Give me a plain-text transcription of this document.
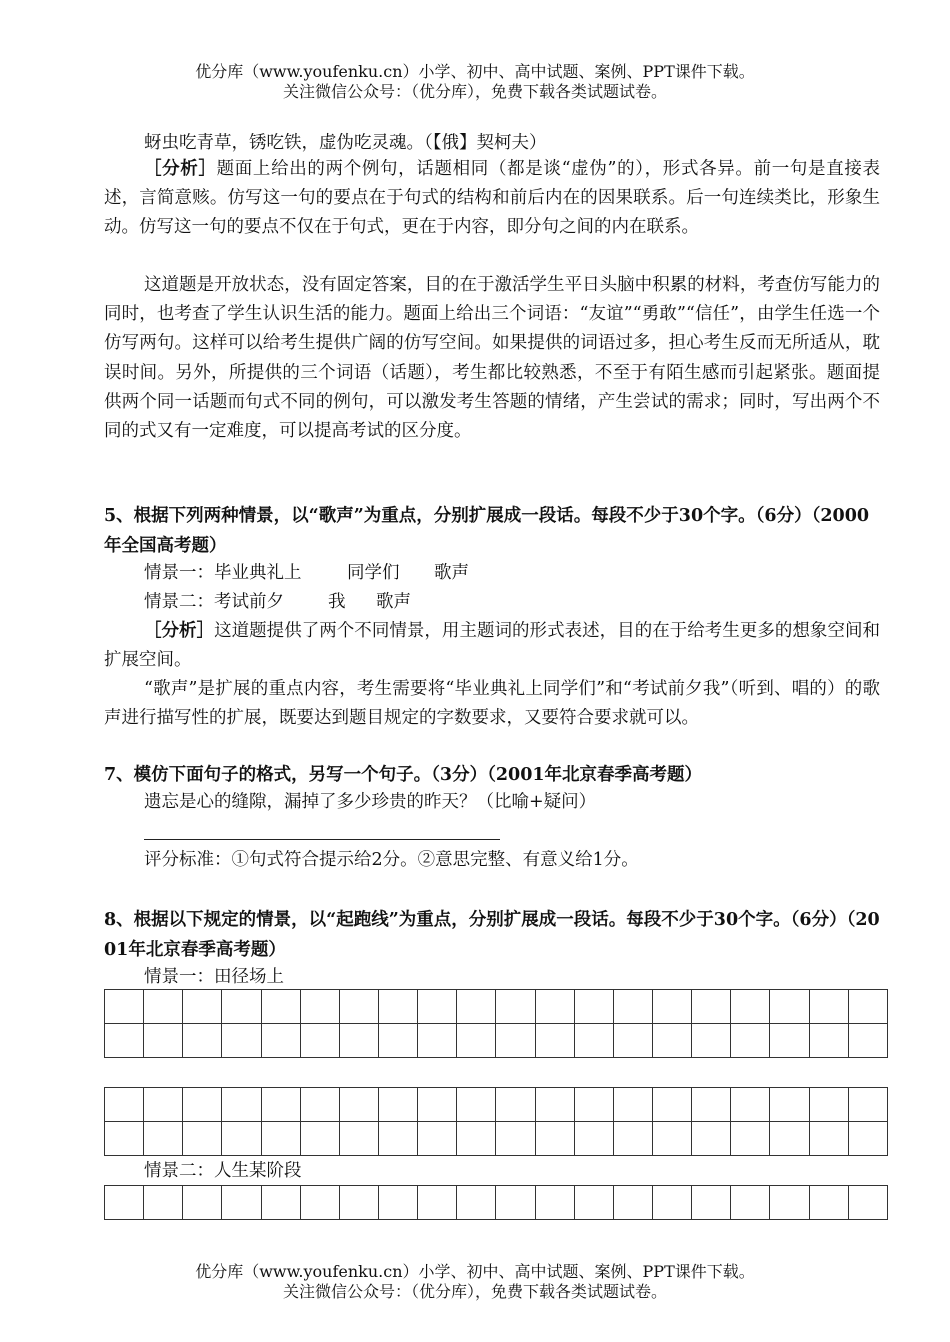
优分库（www.youfenku.cn）小学、初中、高中试题、案例、PPT课件下载。
关注微信公众号：（优分库），免费下载各类试题试卷。
蚜虫吃青草，锈吃铁，虚伪吃灵魂。（【俄】契柯夫）
［分析］题面上给出的两个例句，话题相同（都是谈“虚伪”的），形式各异。前一句是直接表述，言简意赅。仿写这一句的要点在于句式的结构和前后内在的因果联系。后一句连续类比，形象生动。仿写这一句的要点不仅在于句式，更在于内容，即分句之间的内在联系。
这道题是开放状态，没有固定答案，目的在于激活学生平日头脑中积累的材料，考查仿写能力的同时，也考查了学生认识生活的能力。题面上给出三个词语：“友谊”“勇敢”“信任”，由学生任选一个仿写两句。这样可以给考生提供广阔的仿写空间。如果提供的词语过多，担心考生反而无所适从，耽误时间。另外，所提供的三个词语（话题），考生都比较熟悉，不至于有陌生感而引起紧张。题面提供两个同一话题而句式不同的例句，可以激发考生答题的情绪，产生尝试的需求；同时，写出两个不同的式又有一定难度，可以提高考试的区分度。
5、根据下列两种情景，以“歌声”为重点，分别扩展成一段话。每段不少于30个字。（6分）（2000年全国高考题）
情景一：毕业典礼上	同学们 歌声
情景二：考试前夕	我 歌声
［分析］这道题提供了两个不同情景，用主题词的形式表述，目的在于给考生更多的想象空间和扩展空间。
“歌声”是扩展的重点内容，考生需要将“毕业典礼上同学们”和“考试前夕我”（听到、唱的）的歌声进行描写性的扩展，既要达到题目规定的字数要求，又要符合要求就可以。
7、模仿下面句子的格式，另写一个句子。（3分）（2001年北京春季高考题）
遗忘是心的缝隙，漏掉了多少珍贵的昨天？（比喻+疑问）
评分标准：①句式符合提示给2分。②意思完整、有意义给1分。
8、根据以下规定的情景，以“起跑线”为重点，分别扩展成一段话。每段不少于30个字。（6分）（2001年北京春季高考题）
情景一：田径场上

情景二：人生某阶段

优分库（www.youfenku.cn）小学、初中、高中试题、案例、PPT课件下载。
关注微信公众号：（优分库），免费下载各类试题试卷。
